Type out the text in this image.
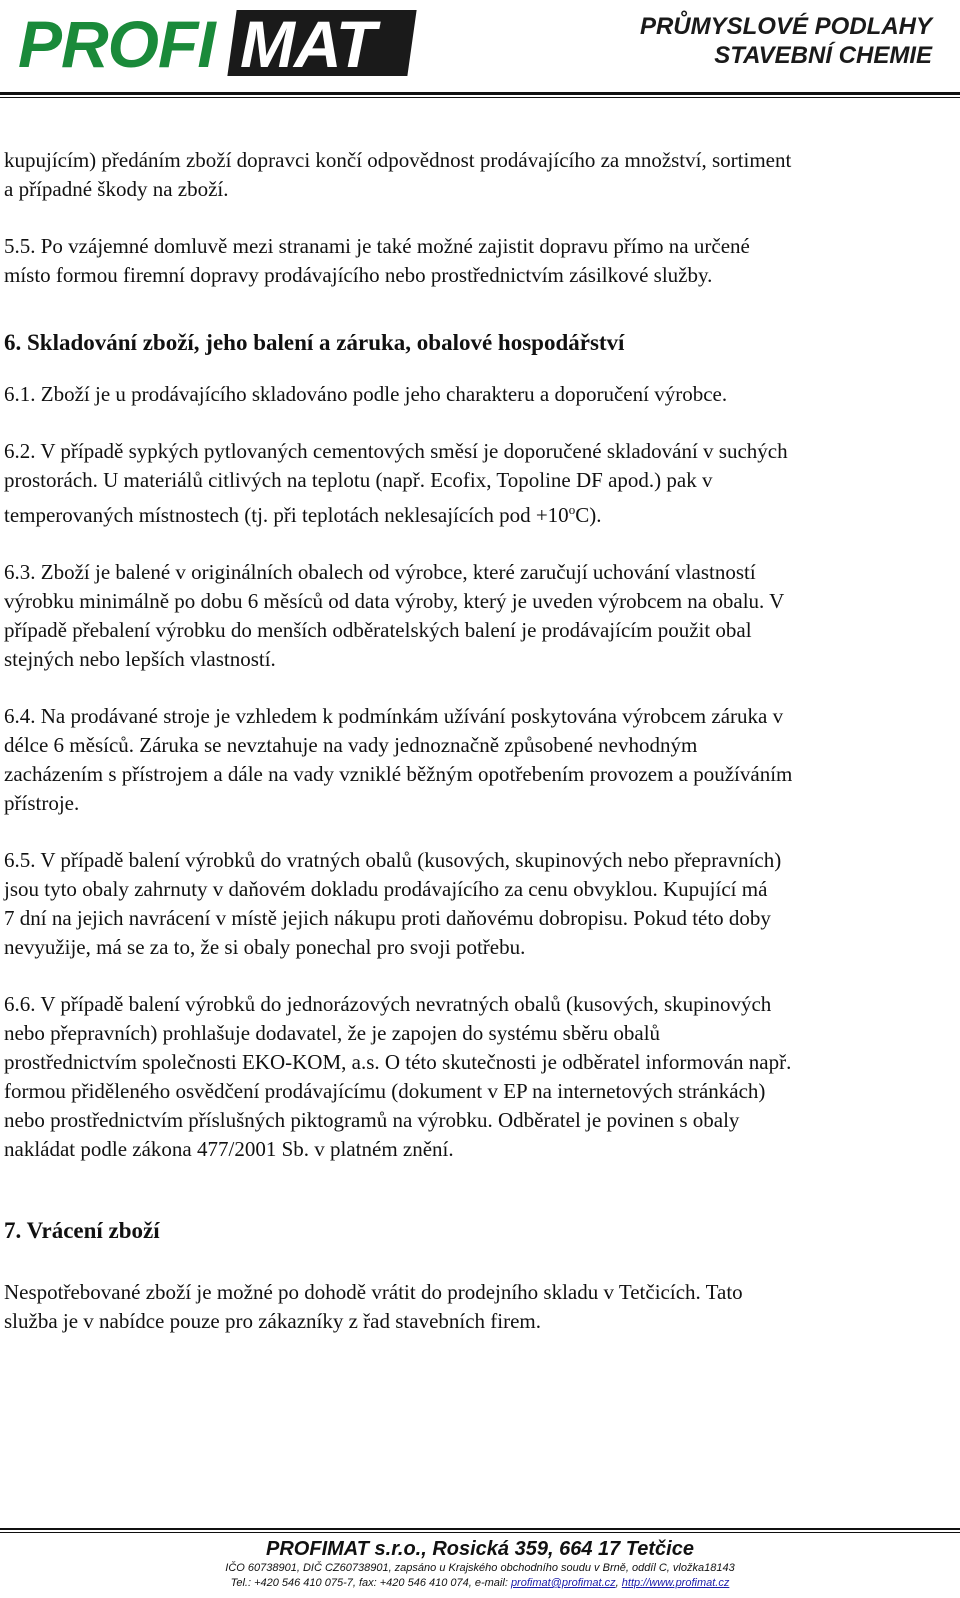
PROFI MAT	PRŮMYSLOVÉ PODLAHY
STAVEBNÍ CHEMIE

kupujícím) předáním zboží dopravci končí odpovědnost prodávajícího za množství, sortiment

a případné škody na zboží.

5.5. Po vzájemné domluvě mezi stranami je také možné zajistit dopravu přímo na určené

místo formou firemní dopravy prodávajícího nebo prostřednictvím zásilkové služby.

6. Skladování zboží, jeho balení a záruka, obalové hospodářství

6.1. Zboží je u prodávajícího skladováno podle jeho charakteru a doporučení výrobce.

6.2. V případě sypkých pytlovaných cementových směsí je doporučené skladování v suchých

prostorách. U materiálů citlivých na teplotu (např. Ecofix, Topoline DF apod.) pak v

temperovaných místnostech (tj. při teplotách neklesajících pod $+10^oC$).

6.3. Zboží je balené v originálních obalech od výrobce, které zaručují uchování vlastností

výrobku minimálně po dobu 6 měsíců od data výroby, který je uveden výrobcem na obalu. V

případě přebalení výrobku do menších odběratelských balení je prodávajícím použit obal

stejných nebo lepších vlastností.

6.4. Na prodávané stroje je vzhledem k podmínkám užívání poskytována výrobcem záruka v

délce 6 měsíců. Záruka se nevztahuje na vady jednoznačně způsobené nevhodným

zacházením s přístrojem a dále na vady vzniklé běžným opotřebením provozem a používáním

přístroje.

6.5. V případě balení výrobků do vratných obalů (kusových, skupinových nebo přepravních)

jsou tyto obaly zahrnuty v daňovém dokladu prodávajícího za cenu obvyklou. Kupující má

7 dní na jejich navrácení v místě jejich nákupu proti daňovému dobropisu. Pokud této doby

nevyužije, má se za to, že si obaly ponechal pro svoji potřebu.

6.6. V případě balení výrobků do jednorázových nevratných obalů (kusových, skupinových

nebo přepravních) prohlašuje dodavatel, že je zapojen do systému sběru obalů

prostřednictvím společnosti EKO-KOM, a.s. O této skutečnosti je odběratel informován např.

formou přiděleného osvědčení prodávajícímu (dokument v EP na internetových stránkách)

nebo prostřednictvím příslušných piktogramů na výrobku. Odběratel je povinen s obaly

nakládat podle zákona 477/2001 Sb. v platném znění.

7. Vrácení zboží

Nespotřebované zboží je možné po dohodě vrátit do prodejního skladu v Tetčicích. Tato

služba je v nabídce pouze pro zákazníky z řad stavebních firem.

PROFIMAT s.r.o., Rosická 359, 664 17 Tetčice
IČO 60738901, DIČ CZ60738901, zapsáno u Krajského obchodního soudu v Brně, oddíl C, vložka18143
Tel.: +420 546 410 075-7, fax: +420 546 410 074, e-mail: profimat@profimat.cz, http://www.profimat.cz
